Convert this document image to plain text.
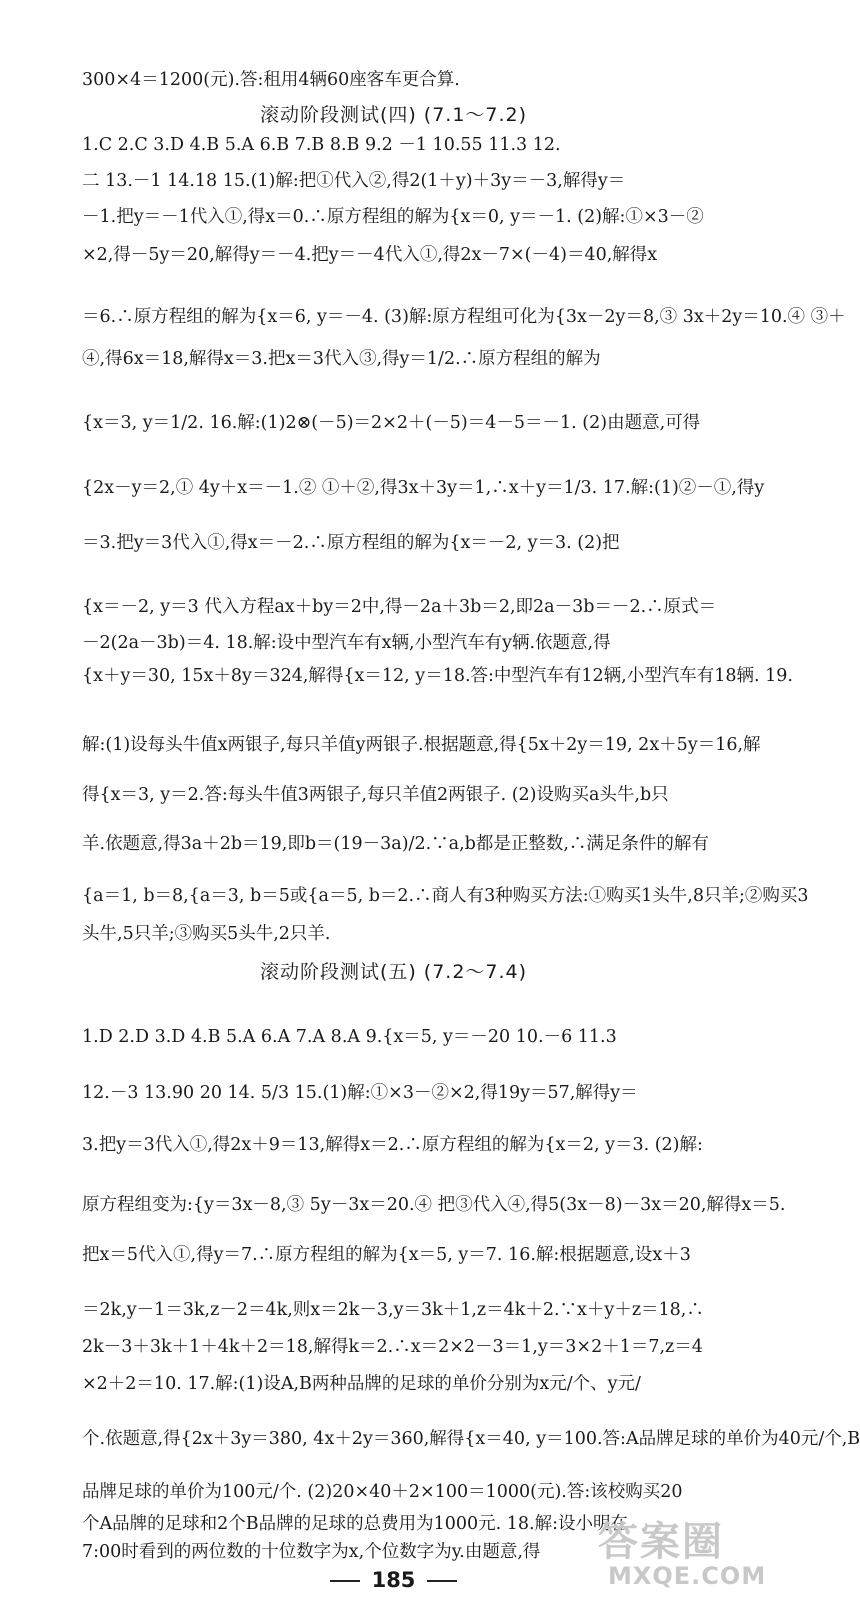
300×4＝1200(元).答:租用4辆60座客车更合算.
滚动阶段测试(四) (7.1～7.2)
1.C 2.C 3.D 4.B 5.A 6.B 7.B 8.B 9.2 －1 10.55 11.3 12.
二 13.－1 14.18 15.(1)解:把①代入②,得2(1＋y)＋3y＝－3,解得y＝
－1.把y＝－1代入①,得x＝0.∴原方程组的解为{x＝0, y＝－1. (2)解:①×3－②
×2,得－5y＝20,解得y＝－4.把y＝－4代入①,得2x－7×(－4)＝40,解得x
＝6.∴原方程组的解为{x＝6, y＝－4. (3)解:原方程组可化为{3x－2y＝8,③ 3x＋2y＝10.④ ③＋
④,得6x＝18,解得x＝3.把x＝3代入③,得y＝1/2.∴原方程组的解为
{x＝3, y＝1/2. 16.解:(1)2⊗(－5)＝2×2＋(－5)＝4－5＝－1. (2)由题意,可得
{2x－y＝2,① 4y＋x＝－1.② ①＋②,得3x＋3y＝1,∴x＋y＝1/3. 17.解:(1)②－①,得y
＝3.把y＝3代入①,得x＝－2.∴原方程组的解为{x＝－2, y＝3. (2)把
{x＝－2, y＝3 代入方程ax＋by＝2中,得－2a＋3b＝2,即2a－3b＝－2.∴原式＝
－2(2a－3b)＝4. 18.解:设中型汽车有x辆,小型汽车有y辆.依题意,得
{x＋y＝30, 15x＋8y＝324,解得{x＝12, y＝18.答:中型汽车有12辆,小型汽车有18辆. 19.
解:(1)设每头牛值x两银子,每只羊值y两银子.根据题意,得{5x＋2y＝19, 2x＋5y＝16,解
得{x＝3, y＝2.答:每头牛值3两银子,每只羊值2两银子. (2)设购买a头牛,b只
羊.依题意,得3a＋2b＝19,即b＝(19－3a)/2.∵a,b都是正整数,∴满足条件的解有
{a＝1, b＝8,{a＝3, b＝5或{a＝5, b＝2.∴商人有3种购买方法:①购买1头牛,8只羊;②购买3
头牛,5只羊;③购买5头牛,2只羊.
滚动阶段测试(五) (7.2～7.4)
1.D 2.D 3.D 4.B 5.A 6.A 7.A 8.A 9.{x＝5, y＝－20 10.－6 11.3
12.－3 13.90 20 14. 5/3 15.(1)解:①×3－②×2,得19y＝57,解得y＝
3.把y＝3代入①,得2x＋9＝13,解得x＝2.∴原方程组的解为{x＝2, y＝3. (2)解:
原方程组变为:{y＝3x－8,③ 5y－3x＝20.④ 把③代入④,得5(3x－8)－3x＝20,解得x＝5.
把x＝5代入①,得y＝7.∴原方程组的解为{x＝5, y＝7. 16.解:根据题意,设x＋3
＝2k,y－1＝3k,z－2＝4k,则x＝2k－3,y＝3k＋1,z＝4k＋2.∵x＋y＋z＝18,∴
2k－3＋3k＋1＋4k＋2＝18,解得k＝2.∴x＝2×2－3＝1,y＝3×2＋1＝7,z＝4
×2＋2＝10. 17.解:(1)设A,B两种品牌的足球的单价分别为x元/个、y元/
个.依题意,得{2x＋3y＝380, 4x＋2y＝360,解得{x＝40, y＝100.答:A品牌足球的单价为40元/个,B
品牌足球的单价为100元/个. (2)20×40＋2×100＝1000(元).答:该校购买20
个A品牌的足球和2个B品牌的足球的总费用为1000元. 18.解:设小明在
7:00时看到的两位数的十位数字为x,个位数字为y.由题意,得
185
答案圈
MXQE.COM
